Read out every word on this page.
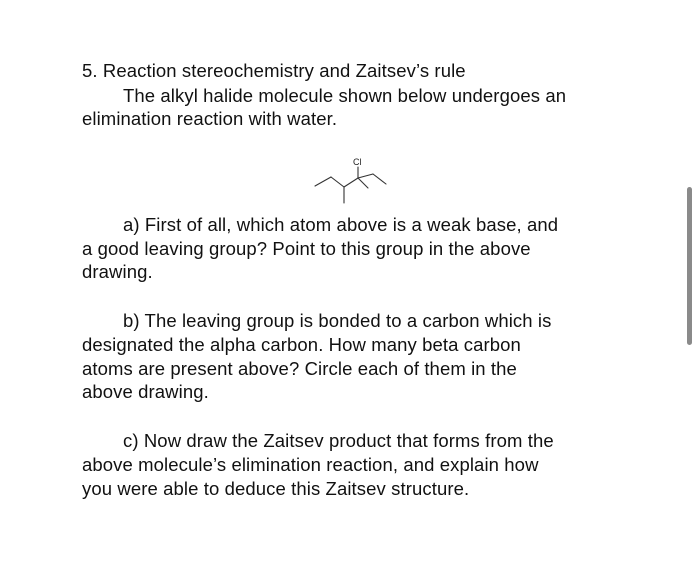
5. Reaction stereochemistry and Zaitsev’s rule
The alkyl halide molecule shown below undergoes an
elimination reaction with water.
Cl
a) First of all, which atom above is a weak base, and
a good leaving group? Point to this group in the above
drawing.
b) The leaving group is bonded to a carbon which is
designated the alpha carbon. How many beta carbon
atoms are present above? Circle each of them in the
above drawing.
c) Now draw the Zaitsev product that forms from the
above molecule’s elimination reaction, and explain how
you were able to deduce this Zaitsev structure.
